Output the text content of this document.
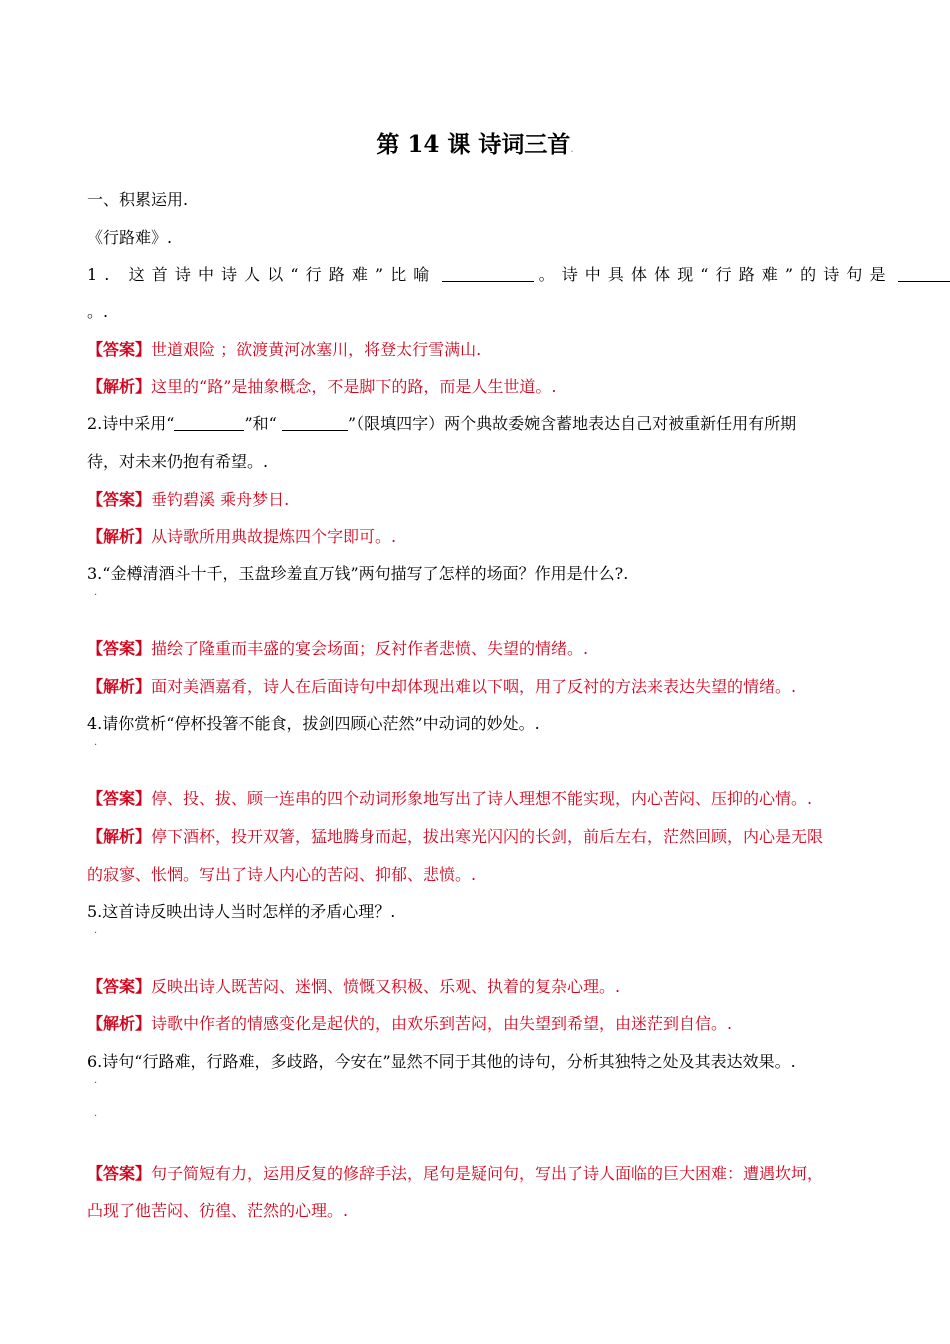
第 14 课 诗词三首.
一、积累运用.
《行路难》.
1. 这首诗中诗人以“行路难”比喻	。诗中具体体现“行路难”的诗句是
。.
【答案】世道艰险 ；欲渡黄河冰塞川，将登太行雪满山.
【解析】这里的“路”是抽象概念，不是脚下的路，而是人生世道。.
2.诗中采用“	”和“	”（限填四字）两个典故委婉含蓄地表达自己对被重新任用有所期
待，对未来仍抱有希望。.
【答案】垂钓碧溪 乘舟梦日.
【解析】从诗歌所用典故提炼四个字即可。.
3.“金樽清酒斗十千，玉盘珍羞直万钱”两句描写了怎样的场面？作用是什么?.
·
【答案】描绘了隆重而丰盛的宴会场面；反衬作者悲愤、失望的情绪。.
【解析】面对美酒嘉肴，诗人在后面诗句中却体现出难以下咽，用了反衬的方法来表达失望的情绪。.
4.请你赏析“停杯投箸不能食，拔剑四顾心茫然”中动词的妙处。.
·
【答案】停、投、拔、顾一连串的四个动词形象地写出了诗人理想不能实现，内心苦闷、压抑的心情。.
【解析】停下酒杯，投开双箸，猛地腾身而起，拔出寒光闪闪的长剑，前后左右，茫然回顾，内心是无限
的寂寥、怅惘。写出了诗人内心的苦闷、抑郁、悲愤。.
5.这首诗反映出诗人当时怎样的矛盾心理？.
·
【答案】反映出诗人既苦闷、迷惘、愤慨又积极、乐观、执着的复杂心理。.
【解析】诗歌中作者的情感变化是起伏的，由欢乐到苦闷，由失望到希望，由迷茫到自信。.
6.诗句“行路难，行路难，多歧路，今安在”显然不同于其他的诗句，分析其独特之处及其表达效果。.
·
·
【答案】句子简短有力，运用反复的修辞手法，尾句是疑问句，写出了诗人面临的巨大困难：遭遇坎坷，
凸现了他苦闷、彷徨、茫然的心理。.
